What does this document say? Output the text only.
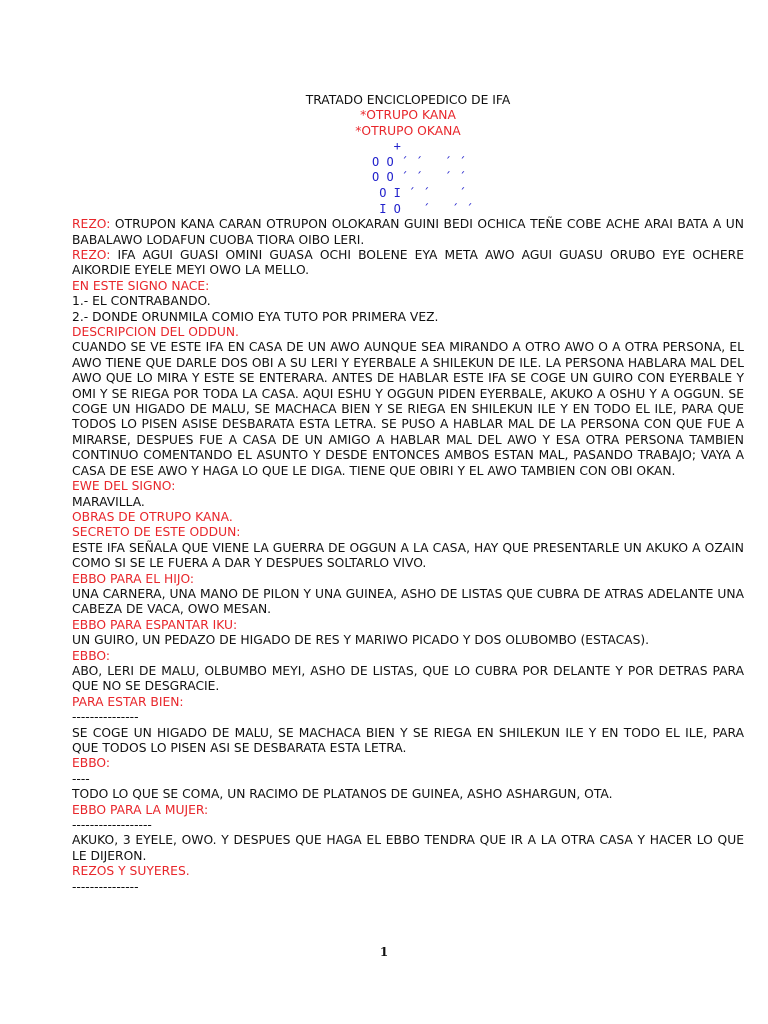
TRATADO ENCICLOPEDICO DE IFA

*OTRUPO KANA

*OTRUPO OKANA

+
O O ´ ´   ´ ´
O O ´ ´   ´ ´
O I ´ ´    ´
I O   ´   ´ ´

REZO: OTRUPON KANA CARAN OTRUPON OLOKARAN GUINI BEDI OCHICA TEÑE COBE ACHE ARAI BATA A UN BABALAWO LODAFUN CUOBA TIORA OIBO LERI.

REZO: IFA AGUI GUASI OMINI GUASA OCHI BOLENE EYA META AWO AGUI GUASU ORUBO EYE OCHERE AIKORDIE EYELE MEYI OWO LA MELLO.

EN ESTE SIGNO NACE:

1.- EL CONTRABANDO.

2.- DONDE ORUNMILA COMIO EYA TUTO POR PRIMERA VEZ.

DESCRIPCION DEL ODDUN.

CUANDO SE VE ESTE IFA EN CASA DE UN AWO AUNQUE SEA MIRANDO A OTRO AWO O A OTRA PERSONA, EL AWO TIENE QUE DARLE DOS OBI A SU LERI Y EYERBALE A SHILEKUN DE ILE. LA PERSONA HABLARA MAL DEL AWO QUE LO MIRA Y ESTE SE ENTERARA. ANTES DE HABLAR ESTE IFA SE COGE UN GUIRO CON EYERBALE Y OMI Y SE RIEGA POR TODA LA CASA. AQUI ESHU Y OGGUN PIDEN EYERBALE, AKUKO A OSHU Y A OGGUN. SE COGE UN HIGADO DE MALU, SE MACHACA BIEN Y SE RIEGA EN SHILEKUN ILE Y EN TODO EL ILE, PARA QUE TODOS LO PISEN ASISE DESBARATA ESTA LETRA. SE PUSO A HABLAR MAL DE LA PERSONA CON QUE FUE A MIRARSE, DESPUES FUE A CASA DE UN AMIGO A HABLAR MAL DEL AWO Y ESA OTRA PERSONA TAMBIEN CONTINUO COMENTANDO EL ASUNTO Y DESDE ENTONCES AMBOS ESTAN MAL, PASANDO TRABAJO; VAYA A CASA DE ESE AWO Y HAGA LO QUE LE DIGA. TIENE QUE OBIRI Y EL AWO TAMBIEN CON OBI OKAN.

EWE DEL SIGNO:

MARAVILLA.

OBRAS DE OTRUPO KANA.

SECRETO DE ESTE ODDUN:

ESTE IFA SEÑALA QUE VIENE LA GUERRA DE OGGUN A LA CASA, HAY QUE PRESENTARLE UN AKUKO A OZAIN COMO SI SE LE FUERA A DAR Y DESPUES SOLTARLO VIVO.

EBBO PARA EL HIJO:

UNA CARNERA, UNA MANO DE PILON Y UNA GUINEA, ASHO DE LISTAS QUE CUBRA DE ATRAS ADELANTE UNA CABEZA DE VACA, OWO MESAN.

EBBO PARA ESPANTAR IKU:

UN GUIRO, UN PEDAZO DE HIGADO DE RES Y MARIWO PICADO Y DOS OLUBOMBO (ESTACAS).

EBBO:

ABO, LERI DE MALU, OLBUMBO MEYI, ASHO DE LISTAS, QUE LO CUBRA POR DELANTE Y POR DETRAS PARA QUE NO SE DESGRACIE.

PARA ESTAR BIEN:

---------------

SE COGE UN HIGADO DE MALU, SE MACHACA BIEN Y SE RIEGA EN SHILEKUN ILE Y EN TODO EL ILE, PARA QUE TODOS LO PISEN ASI SE DESBARATA ESTA LETRA.

EBBO:

----

TODO LO QUE SE COMA, UN RACIMO DE PLATANOS DE GUINEA, ASHO ASHARGUN, OTA.

EBBO PARA LA MUJER:

------------------

AKUKO, 3 EYELE, OWO. Y DESPUES QUE HAGA EL EBBO TENDRA QUE IR A LA OTRA CASA Y HACER LO QUE LE DIJERON.

REZOS Y SUYERES.

---------------

1
